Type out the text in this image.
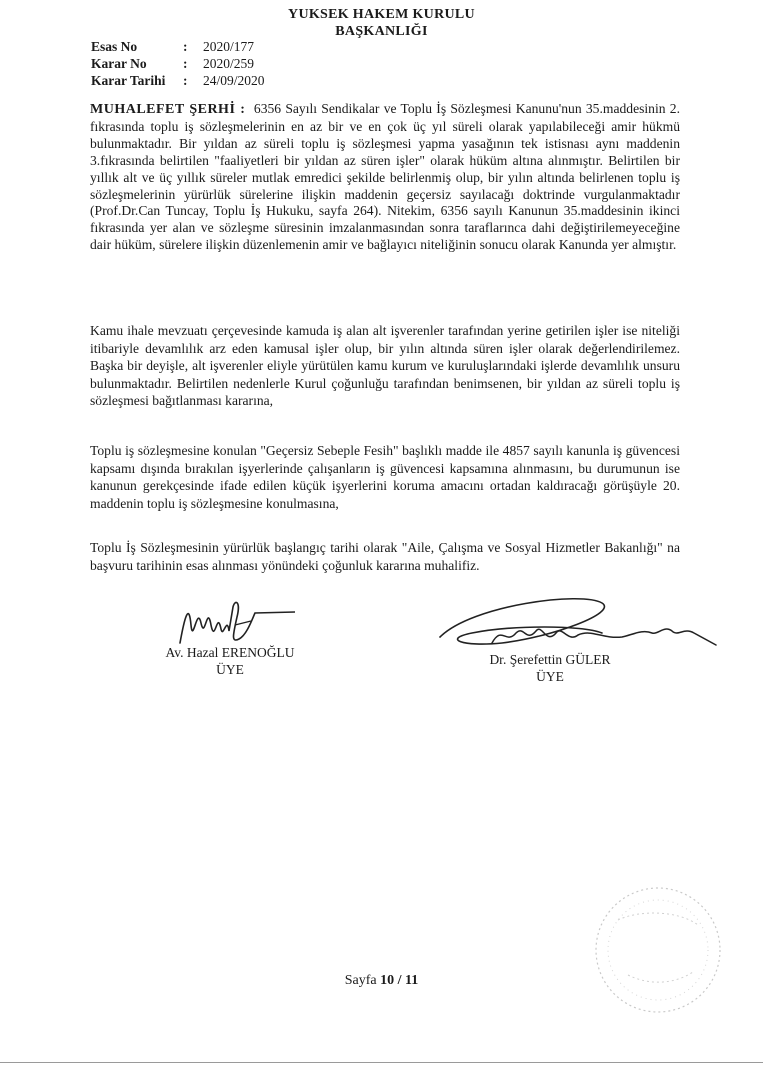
YUKSEK HAKEM KURULU
BAŞKANLIĞI
Esas No	:	2020/177
Karar No	:	2020/259
Karar Tarihi	:	24/09/2020

MUHALEFET ŞERHİ : 6356 Sayılı Sendikalar ve Toplu İş Sözleşmesi Kanunu'nun 35.maddesinin 2. fıkrasında toplu iş sözleşmelerinin en az bir ve en çok üç yıl süreli olarak yapılabileceği amir hükmü bulunmaktadır. Bir yıldan az süreli toplu iş sözleşmesi yapma yasağının tek istisnası aynı maddenin 3.fıkrasında belirtilen "faaliyetleri bir yıldan az süren işler" olarak hüküm altına alınmıştır. Belirtilen bir yıllık alt ve üç yıllık süreler mutlak emredici şekilde belirlenmiş olup, bir yılın altında belirlenen toplu iş sözleşmelerinin yürürlük sürelerine ilişkin maddenin geçersiz sayılacağı doktrinde vurgulanmaktadır (Prof.Dr.Can Tuncay, Toplu İş Hukuku, sayfa 264). Nitekim, 6356 sayılı Kanunun 35.maddesinin ikinci fıkrasında yer alan ve sözleşme süresinin imzalanmasından sonra taraflarınca dahi değiştirilemeyeceğine dair hüküm, sürelere ilişkin düzenlemenin amir ve bağlayıcı niteliğinin sonucu olarak Kanunda yer almıştır.

Kamu ihale mevzuatı çerçevesinde kamuda iş alan alt işverenler tarafından yerine getirilen işler ise niteliği itibariyle devamlılık arz eden kamusal işler olup, bir yılın altında süren işler olarak değerlendirilemez. Başka bir deyişle, alt işverenler eliyle yürütülen kamu kurum ve kuruluşlarındaki işlerde devamlılık unsuru bulunmaktadır. Belirtilen nedenlerle Kurul çoğunluğu tarafından benimsenen, bir yıldan az süreli toplu iş sözleşmesi bağıtlanması kararına,

Toplu iş sözleşmesine konulan "Geçersiz Sebeple Fesih" başlıklı madde ile 4857 sayılı kanunla iş güvencesi kapsamı dışında bırakılan işyerlerinde çalışanların iş güvencesi kapsamına alınmasını, bu durumunun ise kanunun gerekçesinde ifade edilen küçük işyerlerini koruma amacını ortadan kaldıracağı görüşüyle 20. maddenin toplu iş sözleşmesine konulmasına,

Toplu İş Sözleşmesinin yürürlük başlangıç tarihi olarak "Aile, Çalışma ve Sosyal Hizmetler Bakanlığı" na başvuru tarihinin esas alınması yönündeki çoğunluk kararına muhalifiz.

Av. Hazal ERENOĞLU
ÜYE
Dr. Şerefettin GÜLER
ÜYE
Sayfa 10 / 11
